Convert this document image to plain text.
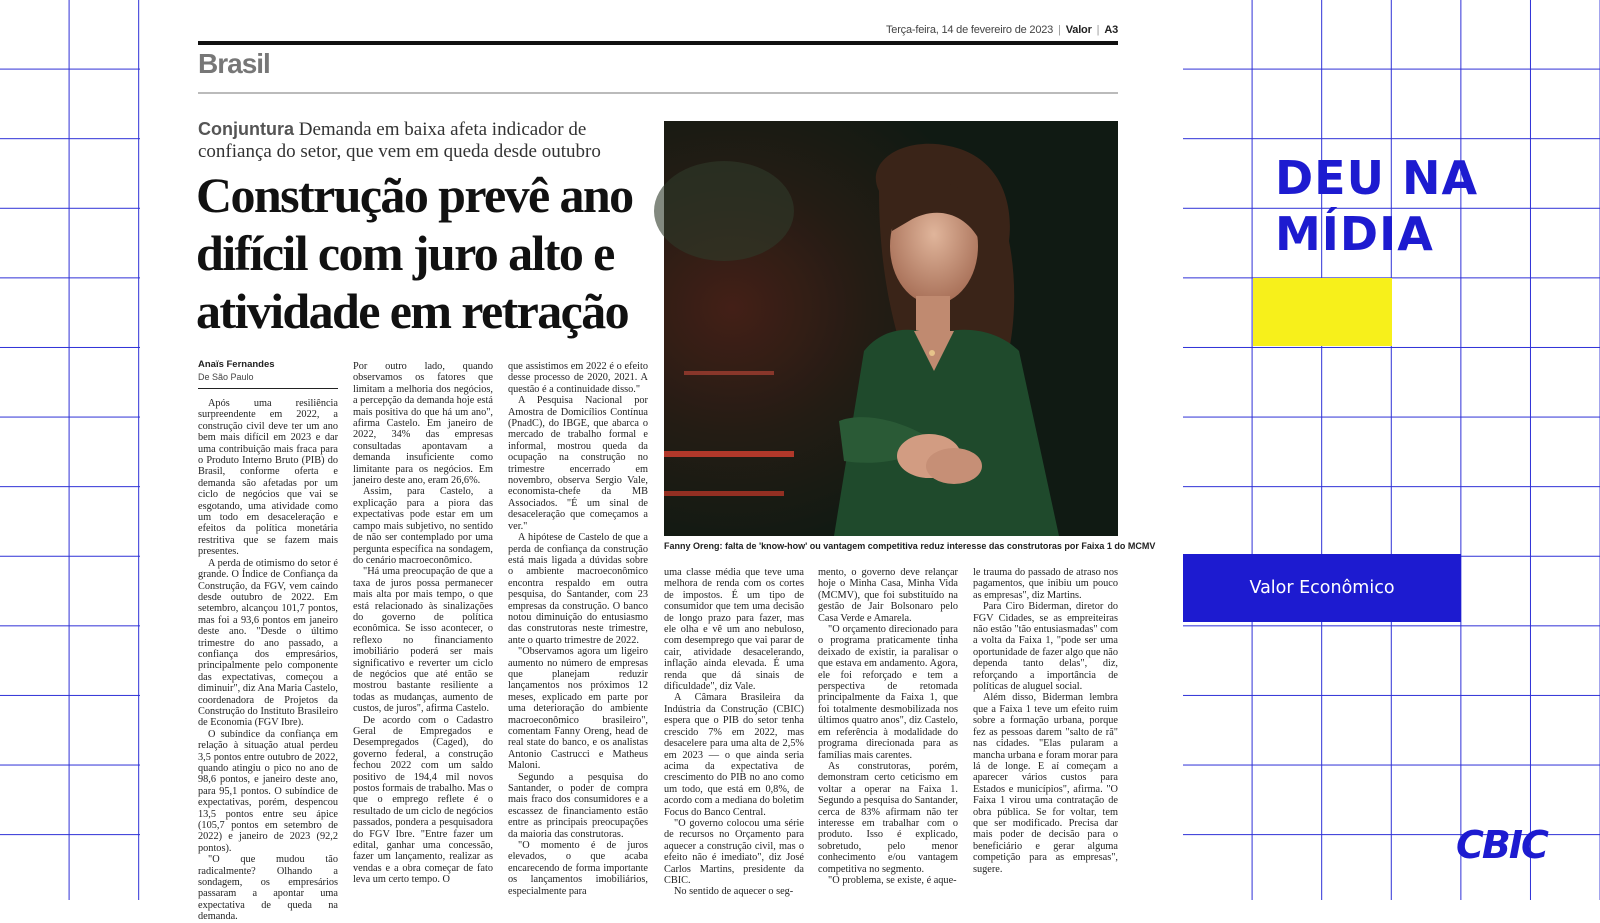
Terça-feira, 14 de fevereiro de 2023 | Valor | A3
Brasil
Conjuntura Demanda em baixa afeta indicador de confiança do setor, que vem em queda desde outubro
Construção prevê ano difícil com juro alto e atividade em retração
Fanny Oreng: falta de 'know-how' ou vantagem competitiva reduz interesse das construtoras por Faixa 1 do MCMV
Anaïs Fernandes
De São Paulo

Após uma resiliência surpreendente em 2022, a construção civil deve ter um ano bem mais difícil em 2023 e dar uma contribuição mais fraca para o Produto Interno Bruto (PIB) do Brasil, conforme oferta e demanda são afetadas por um ciclo de negócios que vai se esgotando, uma atividade como um todo em desaceleração e efeitos da política monetária restritiva que se fazem mais presentes.

A perda de otimismo do setor é grande. O Índice de Confiança da Construção, da FGV, vem caindo desde outubro de 2022. Em setembro, alcançou 101,7 pontos, mas foi a 93,6 pontos em janeiro deste ano. "Desde o último trimestre do ano passado, a confiança dos empresários, principalmente pelo componente das expectativas, começou a diminuir", diz Ana Maria Castelo, coordenadora de Projetos da Construção do Instituto Brasileiro de Economia (FGV Ibre).

O subíndice da confiança em relação à situação atual perdeu 3,5 pontos entre outubro de 2022, quando atingiu o pico no ano de 98,6 pontos, e janeiro deste ano, para 95,1 pontos. O subíndice de expectativas, porém, despencou 13,5 pontos entre seu ápice (105,7 pontos em setembro de 2022) e janeiro de 2023 (92,2 pontos).

"O que mudou tão radicalmente? Olhando a sondagem, os empresários passaram a apontar uma expectativa de queda na demanda.

Por outro lado, quando observamos os fatores que limitam a melhoria dos negócios, a percepção da demanda hoje está mais positiva do que há um ano", afirma Castelo. Em janeiro de 2022, 34% das empresas consultadas apontavam a demanda insuficiente como limitante para os negócios. Em janeiro deste ano, eram 26,6%.

Assim, para Castelo, a explicação para a piora das expectativas pode estar em um campo mais subjetivo, no sentido de não ser contemplado por uma pergunta específica na sondagem, do cenário macroeconômico.

"Há uma preocupação de que a taxa de juros possa permanecer mais alta por mais tempo, o que está relacionado às sinalizações do governo de política econômica. Se isso acontecer, o reflexo no financiamento imobiliário poderá ser mais significativo e reverter um ciclo de negócios que até então se mostrou bastante resiliente a todas as mudanças, aumento de custos, de juros", afirma Castelo.

De acordo com o Cadastro Geral de Empregados e Desempregados (Caged), do governo federal, a construção fechou 2022 com um saldo positivo de 194,4 mil novos postos formais de trabalho. Mas o que o emprego reflete é o resultado de um ciclo de negócios passados, pondera a pesquisadora do FGV Ibre. "Entre fazer um edital, ganhar uma concessão, fazer um lançamento, realizar as vendas e a obra começar de fato leva um certo tempo. O

que assistimos em 2022 é o efeito desse processo de 2020, 2021. A questão é a continuidade disso."

A Pesquisa Nacional por Amostra de Domicílios Contínua (PnadC), do IBGE, que abarca o mercado de trabalho formal e informal, mostrou queda da ocupação na construção no trimestre encerrado em novembro, observa Sergio Vale, economista-chefe da MB Associados. "É um sinal de desaceleração que começamos a ver."

A hipótese de Castelo de que a perda de confiança da construção está mais ligada a dúvidas sobre o ambiente macroeconômico encontra respaldo em outra pesquisa, do Santander, com 23 empresas da construção. O banco notou diminuição do entusiasmo das construtoras neste trimestre, ante o quarto trimestre de 2022.

"Observamos agora um ligeiro aumento no número de empresas que planejam reduzir lançamentos nos próximos 12 meses, explicado em parte por uma deterioração do ambiente macroeconômico brasileiro", comentam Fanny Oreng, head de real state do banco, e os analistas Antonio Castrucci e Matheus Maloni.

Segundo a pesquisa do Santander, o poder de compra mais fraco dos consumidores e a escassez de financiamento estão entre as principais preocupações da maioria das construtoras.

"O momento é de juros elevados, o que acaba encarecendo de forma importante os lançamentos imobiliários, especialmente para

uma classe média que teve uma melhora de renda com os cortes de impostos. É um tipo de consumidor que tem uma decisão de longo prazo para fazer, mas ele olha e vê um ano nebuloso, com desemprego que vai parar de cair, atividade desacelerando, inflação ainda elevada. É uma renda que dá sinais de dificuldade", diz Vale.

A Câmara Brasileira da Indústria da Construção (CBIC) espera que o PIB do setor tenha crescido 7% em 2022, mas desacelere para uma alta de 2,5% em 2023 — o que ainda seria acima da expectativa de crescimento do PIB no ano como um todo, que está em 0,8%, de acordo com a mediana do boletim Focus do Banco Central.

"O governo colocou uma série de recursos no Orçamento para aquecer a construção civil, mas o efeito não é imediato", diz José Carlos Martins, presidente da CBIC.

No sentido de aquecer o seg-

mento, o governo deve relançar hoje o Minha Casa, Minha Vida (MCMV), que foi substituído na gestão de Jair Bolsonaro pelo Casa Verde e Amarela.

"O orçamento direcionado para o programa praticamente tinha deixado de existir, ia paralisar o que estava em andamento. Agora, ele foi reforçado e tem a perspectiva de retomada principalmente da Faixa 1, que foi totalmente desmobilizada nos últimos quatro anos", diz Castelo, em referência à modalidade do programa direcionada para as famílias mais carentes.

As construtoras, porém, demonstram certo ceticismo em voltar a operar na Faixa 1. Segundo a pesquisa do Santander, cerca de 83% afirmam não ter interesse em trabalhar com o produto. Isso é explicado, sobretudo, pelo menor conhecimento e/ou vantagem competitiva no segmento.

"O problema, se existe, é aque-

le trauma do passado de atraso nos pagamentos, que inibiu um pouco as empresas", diz Martins.

Para Ciro Biderman, diretor do FGV Cidades, se as empreiteiras não estão "tão entusiasmadas" com a volta da Faixa 1, "pode ser uma oportunidade de fazer algo que não dependa tanto delas", diz, reforçando a importância de políticas de aluguel social.

Além disso, Biderman lembra que a Faixa 1 teve um efeito ruim sobre a formação urbana, porque fez as pessoas darem "salto de rã" nas cidades. "Elas pularam a mancha urbana e foram morar para lá de longe. E aí começam a aparecer vários custos para Estados e municípios", afirma. "O Faixa 1 virou uma contratação de obra pública. Se for voltar, tem que ser modificado. Precisa dar mais poder de decisão para o beneficiário e gerar alguma competição para as empresas", sugere.

DEU NA
MÍDIA
Valor Econômico
CBIC
